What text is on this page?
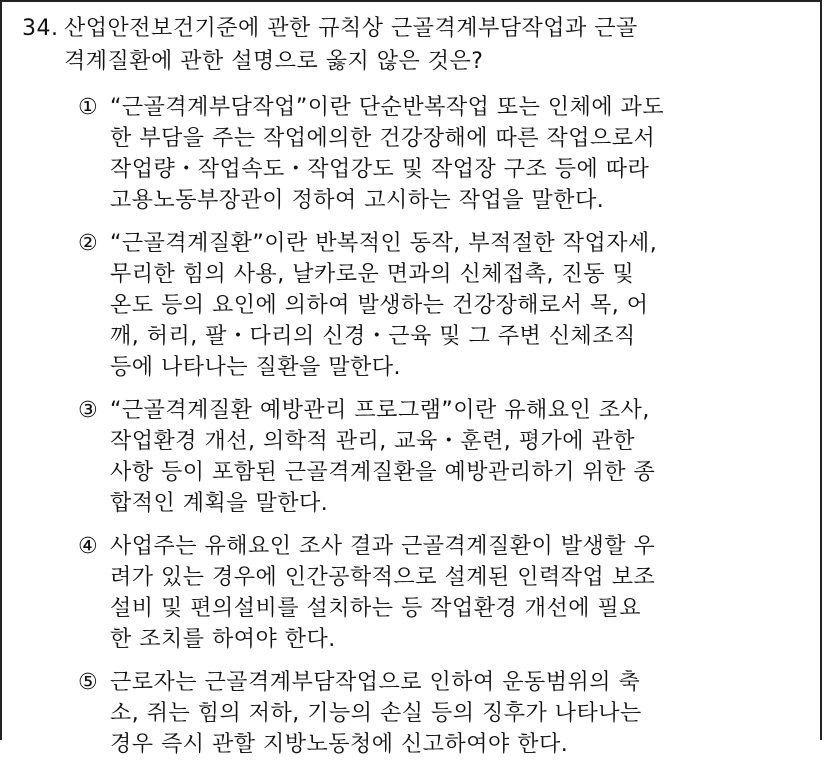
34. 산업안전보건기준에 관한 규칙상 근골격계부담작업과 근골
격계질환에 관한 설명으로 옳지 않은 것은?
① “근골격계부담작업”이란 단순반복작업 또는 인체에 과도
한 부담을 주는 작업에의한 건강장해에 따른 작업으로서
작업량・작업속도・작업강도 및 작업장 구조 등에 따라
고용노동부장관이 정하여 고시하는 작업을 말한다.
② “근골격계질환”이란 반복적인 동작, 부적절한 작업자세,
무리한 힘의 사용, 날카로운 면과의 신체접촉, 진동 및
온도 등의 요인에 의하여 발생하는 건강장해로서 목, 어
깨, 허리, 팔・다리의 신경・근육 및 그 주변 신체조직
등에 나타나는 질환을 말한다.
③ “근골격계질환 예방관리 프로그램”이란 유해요인 조사,
작업환경 개선, 의학적 관리, 교육・훈련, 평가에 관한
사항 등이 포함된 근골격계질환을 예방관리하기 위한 종
합적인 계획을 말한다.
④ 사업주는 유해요인 조사 결과 근골격계질환이 발생할 우
려가 있는 경우에 인간공학적으로 설계된 인력작업 보조
설비 및 편의설비를 설치하는 등 작업환경 개선에 필요
한 조치를 하여야 한다.
⑤ 근로자는 근골격계부담작업으로 인하여 운동범위의 축
소, 쥐는 힘의 저하, 기능의 손실 등의 징후가 나타나는
경우 즉시 관할 지방노동청에 신고하여야 한다.
